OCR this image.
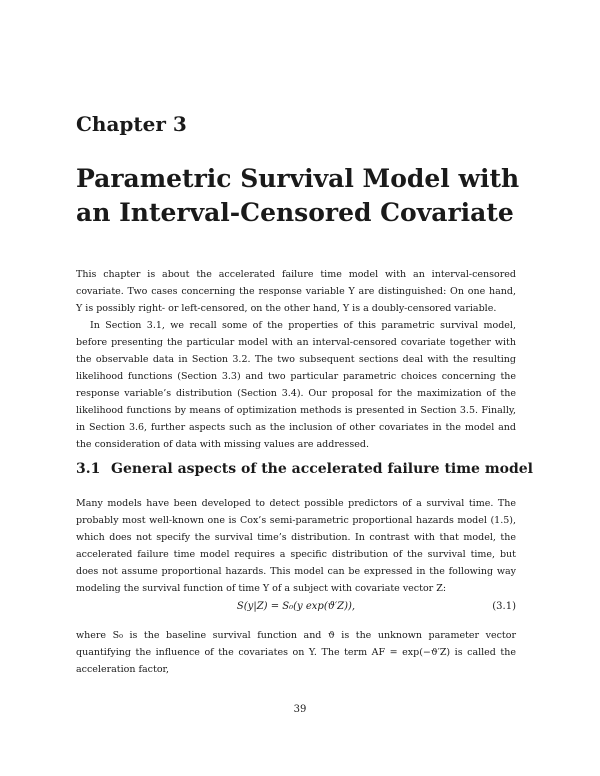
Chapter 3
Parametric Survival Model with an Interval-Censored Covariate
This chapter is about the accelerated failure time model with an interval-censored covariate. Two cases concerning the response variable Y are distinguished: On one hand, Y is possibly right- or left-censored, on the other hand, Y is a doubly-censored variable.
In Section 3.1, we recall some of the properties of this parametric survival model, before presenting the particular model with an interval-censored covariate together with the observable data in Section 3.2. The two subsequent sections deal with the resulting likelihood functions (Section 3.3) and two particular parametric choices concerning the response variable’s distribution (Section 3.4). Our proposal for the maximization of the likelihood functions by means of optimization methods is presented in Section 3.5. Finally, in Section 3.6, further aspects such as the inclusion of other covariates in the model and the consideration of data with missing values are addressed.
3.1 General aspects of the accelerated failure time model
Many models have been developed to detect possible predictors of a survival time. The probably most well-known one is Cox’s semi-parametric proportional hazards model (1.5), which does not specify the survival time’s distribution. In contrast with that model, the accelerated failure time model requires a specific distribution of the survival time, but does not assume proportional hazards. This model can be expressed in the following way modeling the survival function of time Y of a subject with covariate vector Z:
S(y|Z) = S₀(y exp(ϑ′Z)),	(3.1)
where S₀ is the baseline survival function and ϑ is the unknown parameter vector quantifying the influence of the covariates on Y. The term AF = exp(−ϑ′Z) is called the acceleration factor,
39
